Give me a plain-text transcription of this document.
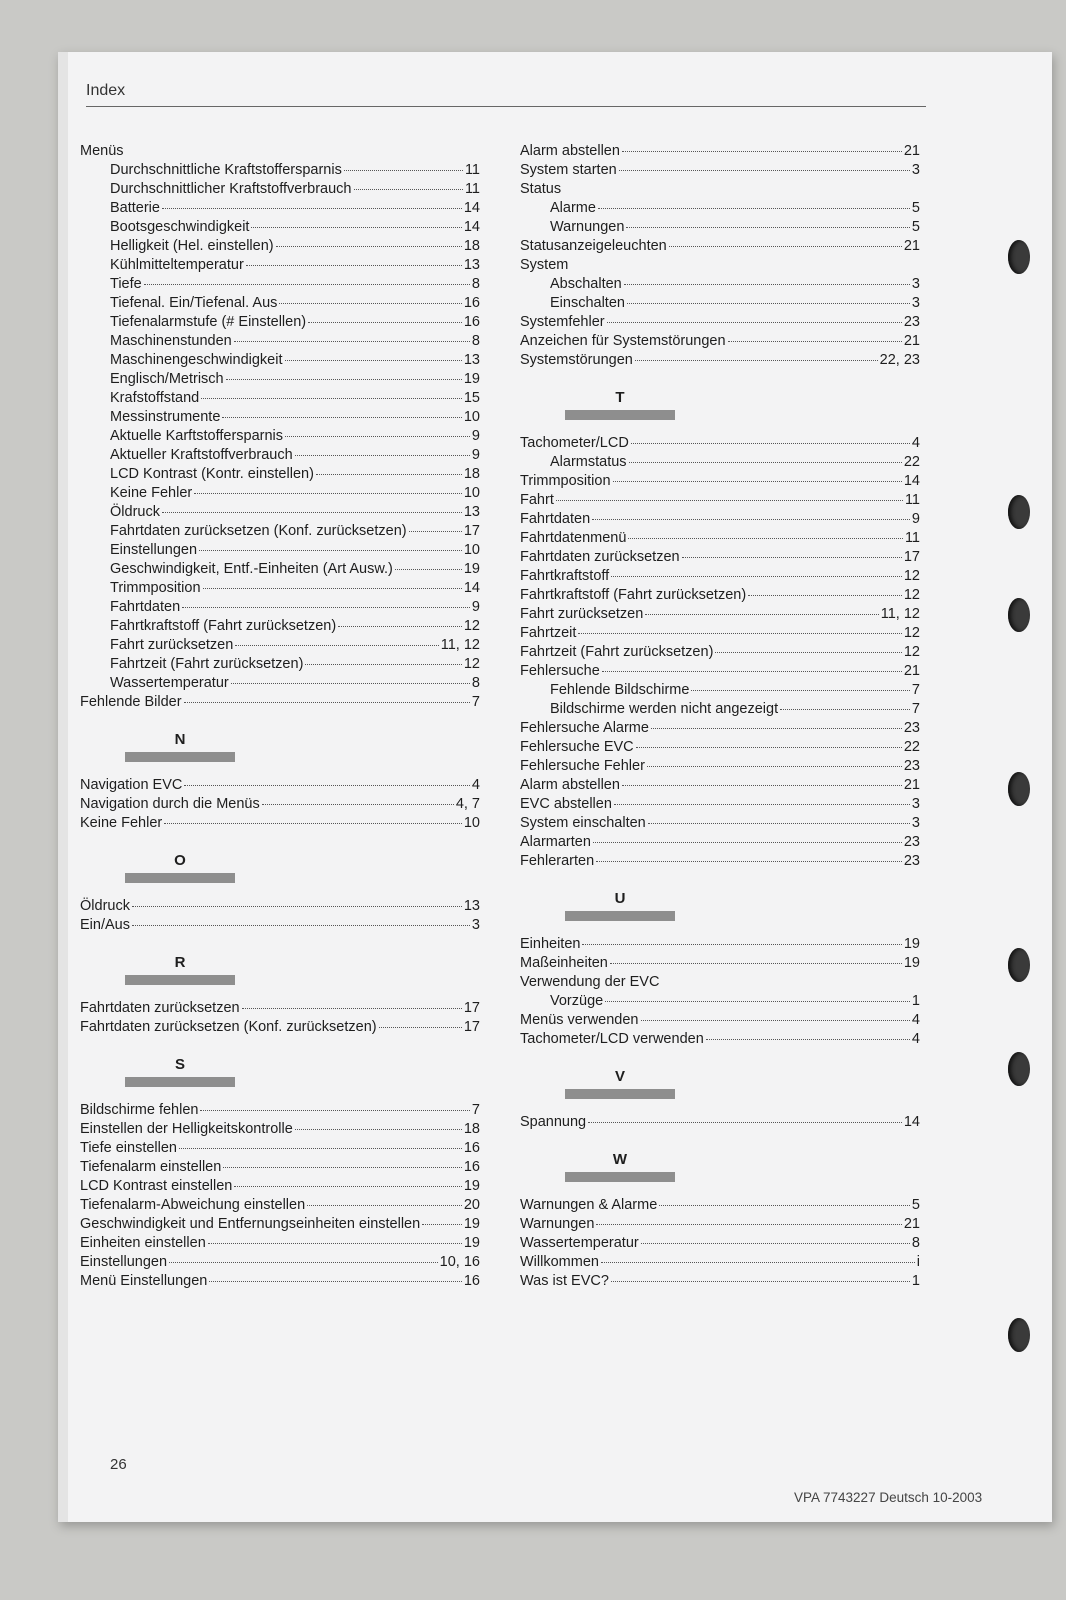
Index
Menüs
Durchschnittliche Kraftstoffersparnis	11
Durchschnittlicher Kraftstoffverbrauch	11
Batterie	14
Bootsgeschwindigkeit	14
Helligkeit (Hel. einstellen)	18
Kühlmitteltemperatur	13
Tiefe	8
Tiefenal. Ein/Tiefenal. Aus	16
Tiefenalarmstufe (# Einstellen)	16
Maschinenstunden	8
Maschinengeschwindigkeit	13
Englisch/Metrisch	19
Krafstoffstand	15
Messinstrumente	10
Aktuelle Karftstoffersparnis	9
Aktueller Kraftstoffverbrauch	9
LCD Kontrast (Kontr. einstellen)	18
Keine Fehler	10
Öldruck	13
Fahrtdaten zurücksetzen (Konf. zurücksetzen)	17
Einstellungen	10
Geschwindigkeit, Entf.-Einheiten (Art Ausw.)	19
Trimmposition	14
Fahrtdaten	9
Fahrtkraftstoff (Fahrt zurücksetzen)	12
Fahrt zurücksetzen	11, 12
Fahrtzeit (Fahrt zurücksetzen)	12
Wassertemperatur	8
Fehlende Bilder	7
N
Navigation EVC	4
Navigation durch die Menüs	4, 7
Keine Fehler	10
O
Öldruck	13
Ein/Aus	3
R
Fahrtdaten zurücksetzen	17
Fahrtdaten zurücksetzen (Konf. zurücksetzen)	17
S
Bildschirme fehlen	7
Einstellen der Helligkeitskontrolle	18
Tiefe einstellen	16
Tiefenalarm einstellen	16
LCD Kontrast einstellen	19
Tiefenalarm-Abweichung einstellen	20
Geschwindigkeit und Entfernungseinheiten einstellen	19
Einheiten einstellen	19
Einstellungen	10, 16
Menü Einstellungen	16
Alarm abstellen	21
System starten	3
Status
Alarme	5
Warnungen	5
Statusanzeigeleuchten	21
System
Abschalten	3
Einschalten	3
Systemfehler	23
Anzeichen für Systemstörungen	21
Systemstörungen	22, 23
T
Tachometer/LCD	4
Alarmstatus	22
Trimmposition	14
Fahrt	11
Fahrtdaten	9
Fahrtdatenmenü	11
Fahrtdaten zurücksetzen	17
Fahrtkraftstoff	12
Fahrtkraftstoff (Fahrt zurücksetzen)	12
Fahrt zurücksetzen	11, 12
Fahrtzeit	12
Fahrtzeit (Fahrt zurücksetzen)	12
Fehlersuche	21
Fehlende Bildschirme	7
Bildschirme werden nicht angezeigt	7
Fehlersuche Alarme	23
Fehlersuche EVC	22
Fehlersuche Fehler	23
Alarm abstellen	21
EVC abstellen	3
System einschalten	3
Alarmarten	23
Fehlerarten	23
U
Einheiten	19
Maßeinheiten	19
Verwendung der EVC
Vorzüge	1
Menüs verwenden	4
Tachometer/LCD verwenden	4
V
Spannung	14
W
Warnungen & Alarme	5
Warnungen	21
Wassertemperatur	8
Willkommen	i
Was ist EVC?	1
26
VPA 7743227 Deutsch 10-2003
